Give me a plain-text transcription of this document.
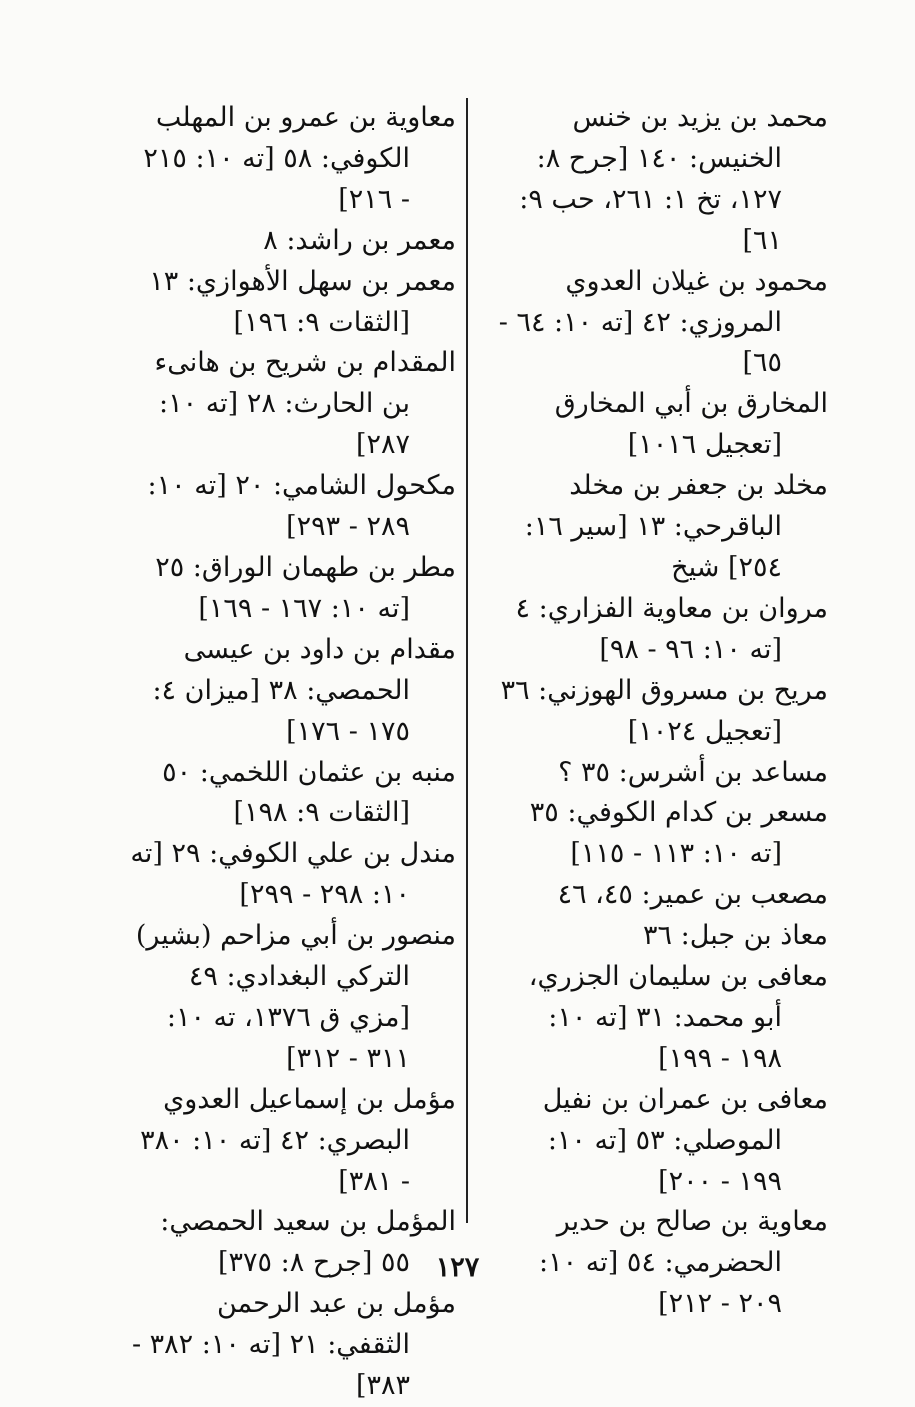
محمد بن يزيد بن خنس الخنيس: ١٤٠ [جرح ٨: ١٢٧، تخ ١: ٢٦١، حب ٩: ٦١]

محمود بن غيلان العدوي المروزي: ٤٢ [ته ١٠: ٦٤ - ٦٥]

المخارق بن أبي المخارق [تعجيل ١٠١٦]

مخلد بن جعفر بن مخلد الباقرحي: ١٣ [سير ١٦: ٢٥٤] شيخ

مروان بن معاوية الفزاري: ٤ [ته ١٠: ٩٦ - ٩٨]

مريح بن مسروق الهوزني: ٣٦ [تعجيل ١٠٢٤]

مساعد بن أشرس: ٣٥ ؟

مسعر بن كدام الكوفي: ٣٥ [ته ١٠: ١١٣ - ١١٥]

مصعب بن عمير: ٤٥، ٤٦

معاذ بن جبل: ٣٦

معافى بن سليمان الجزري، أبو محمد: ٣١ [ته ١٠: ١٩٨ - ١٩٩]

معافى بن عمران بن نفيل الموصلي: ٥٣ [ته ١٠: ١٩٩ - ٢٠٠]

معاوية بن صالح بن حدير الحضرمي: ٥٤ [ته ١٠: ٢٠٩ - ٢١٢]

معاوية بن عمرو بن المهلب الكوفي: ٥٨ [ته ١٠: ٢١٥ - ٢١٦]

معمر بن راشد: ٨

معمر بن سهل الأهوازي: ١٣ [الثقات ٩: ١٩٦]

المقدام بن شريح بن هانىء بن الحارث: ٢٨ [ته ١٠: ٢٨٧]

مكحول الشامي: ٢٠ [ته ١٠: ٢٨٩ - ٢٩٣]

مطر بن طهمان الوراق: ٢٥ [ته ١٠: ١٦٧ - ١٦٩]

مقدام بن داود بن عيسى الحمصي: ٣٨ [ميزان ٤: ١٧٥ - ١٧٦]

منبه بن عثمان اللخمي: ٥٠ [الثقات ٩: ١٩٨]

مندل بن علي الكوفي: ٢٩ [ته ١٠: ٢٩٨ - ٢٩٩]

منصور بن أبي مزاحم (بشير) التركي البغدادي: ٤٩ [مزي ق ١٣٧٦، ته ١٠: ٣١١ - ٣١٢]

مؤمل بن إسماعيل العدوي البصري: ٤٢ [ته ١٠: ٣٨٠ - ٣٨١]

المؤمل بن سعيد الحمصي: ٥٥ [جرح ٨: ٣٧٥]

مؤمل بن عبد الرحمن الثقفي: ٢١ [ته ١٠: ٣٨٢ - ٣٨٣]

١٢٧
